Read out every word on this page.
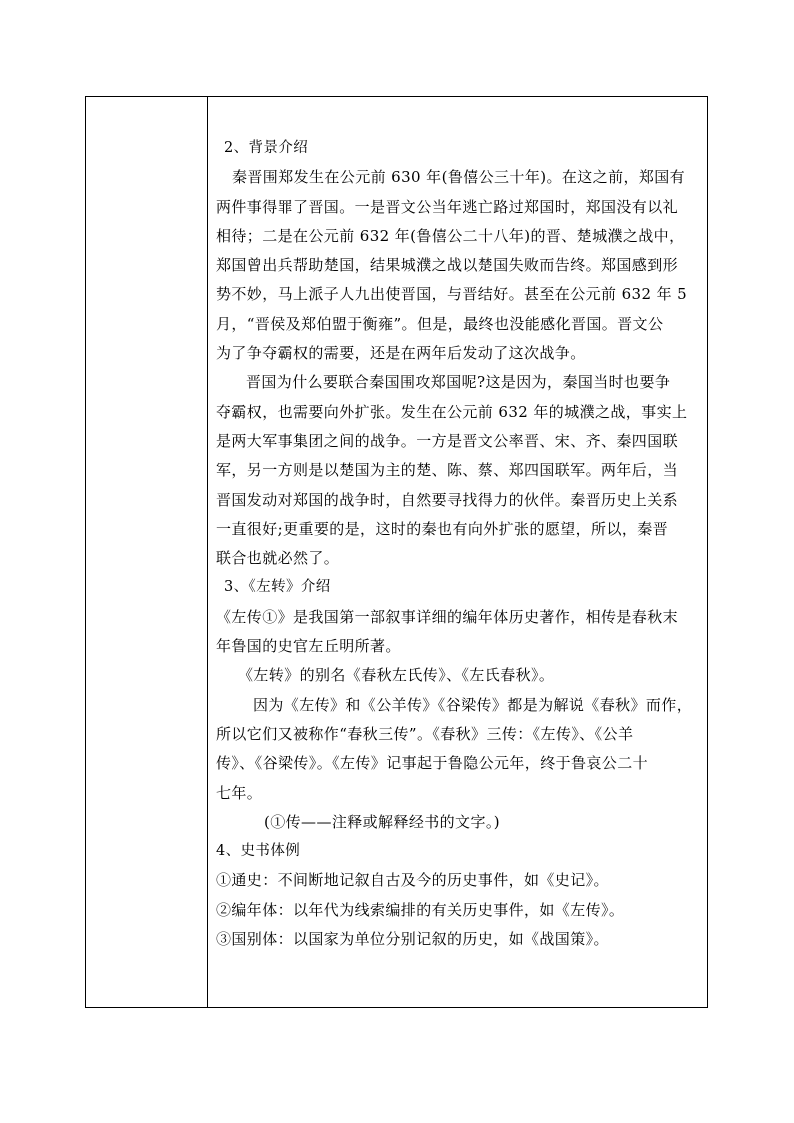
2、背景介绍
秦晋围郑发生在公元前 630 年(鲁僖公三十年)。在这之前，郑国有
两件事得罪了晋国。一是晋文公当年逃亡路过郑国时，郑国没有以礼
相待；二是在公元前 632 年(鲁僖公二十八年)的晋、楚城濮之战中，
郑国曾出兵帮助楚国，结果城濮之战以楚国失败而告终。郑国感到形
势不妙，马上派子人九出使晋国，与晋结好。甚至在公元前 632 年 5
月，“晋侯及郑伯盟于衡雍”。但是，最终也没能感化晋国。晋文公
为了争夺霸权的需要，还是在两年后发动了这次战争。
晋国为什么要联合秦国围攻郑国呢?这是因为，秦国当时也要争
夺霸权，也需要向外扩张。发生在公元前 632 年的城濮之战，事实上
是两大军事集团之间的战争。一方是晋文公率晋、宋、齐、秦四国联
军，另一方则是以楚国为主的楚、陈、蔡、郑四国联军。两年后，当
晋国发动对郑国的战争时，自然要寻找得力的伙伴。秦晋历史上关系
一直很好;更重要的是，这时的秦也有向外扩张的愿望，所以，秦晋
联合也就必然了。
3、《左转》介绍
《左传①》是我国第一部叙事详细的编年体历史著作，相传是春秋末
年鲁国的史官左丘明所著。
《左转》的别名《春秋左氏传》、《左氏春秋》。
因为《左传》和《公羊传》《谷梁传》都是为解说《春秋》而作，
所以它们又被称作“春秋三传”。《春秋》三传：《左传》、《公羊
传》、《谷梁传》。《左传》记事起于鲁隐公元年，终于鲁哀公二十
七年。
(①传——注释或解释经书的文字。)
4、史书体例
①通史：不间断地记叙自古及今的历史事件，如《史记》。
②编年体：以年代为线索编排的有关历史事件，如《左传》。
③国别体：以国家为单位分别记叙的历史，如《战国策》。
